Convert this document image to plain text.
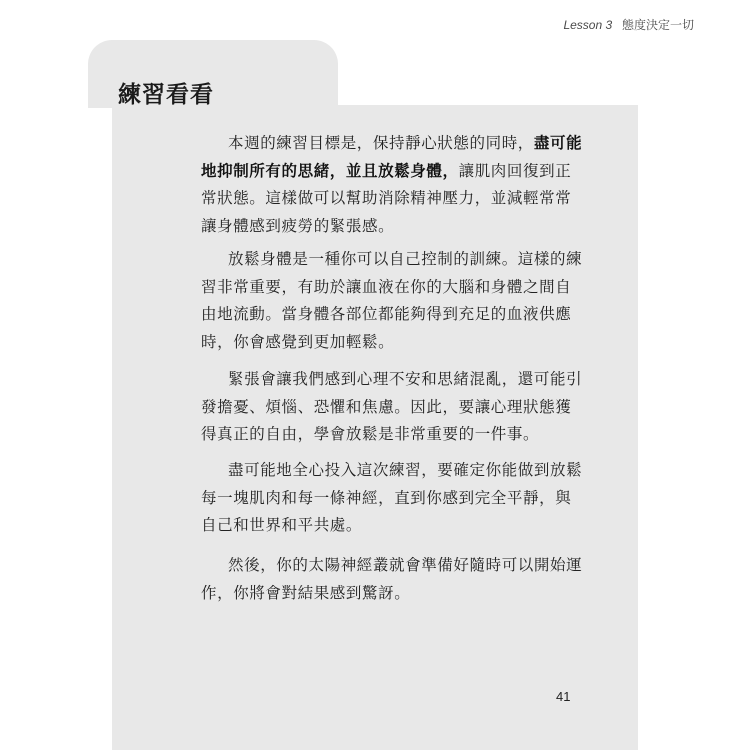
Lesson 3 態度決定一切
練習看看

本週的練習目標是，保持靜心狀態的同時，盡可能地抑制所有的思緒，並且放鬆身體，讓肌肉回復到正常狀態。這樣做可以幫助消除精神壓力，並減輕常常讓身體感到疲勞的緊張感。

放鬆身體是一種你可以自己控制的訓練。這樣的練習非常重要，有助於讓血液在你的大腦和身體之間自由地流動。當身體各部位都能夠得到充足的血液供應時，你會感覺到更加輕鬆。

緊張會讓我們感到心理不安和思緒混亂，還可能引發擔憂、煩惱、恐懼和焦慮。因此，要讓心理狀態獲得真正的自由，學會放鬆是非常重要的一件事。

盡可能地全心投入這次練習，要確定你能做到放鬆每一塊肌肉和每一條神經，直到你感到完全平靜，與自己和世界和平共處。

然後，你的太陽神經叢就會準備好隨時可以開始運作，你將會對結果感到驚訝。

41
